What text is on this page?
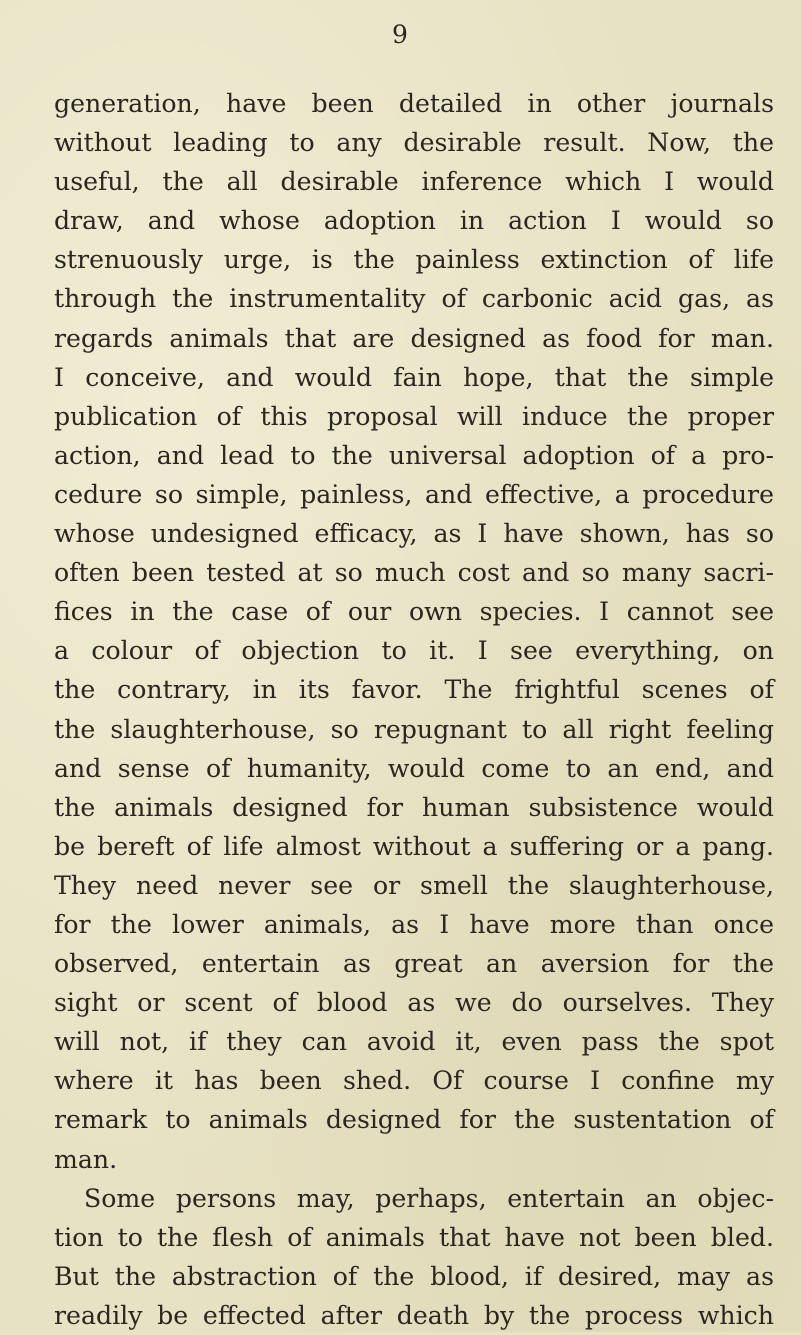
9
generation, have been detailed in other journals
without leading to any desirable result. Now, the
useful, the all desirable inference which I would
draw, and whose adoption in action I would so
strenuously urge, is the painless extinction of life
through the instrumentality of carbonic acid gas, as
regards animals that are designed as food for man.
I conceive, and would fain hope, that the simple
publication of this proposal will induce the proper
action, and lead to the universal adoption of a pro-
cedure so simple, painless, and effective, a procedure
whose undesigned efficacy, as I have shown, has so
often been tested at so much cost and so many sacri-
fices in the case of our own species. I cannot see
a colour of objection to it. I see everything, on
the contrary, in its favor. The frightful scenes of
the slaughterhouse, so repugnant to all right feeling
and sense of humanity, would come to an end, and
the animals designed for human subsistence would
be bereft of life almost without a suffering or a pang.
They need never see or smell the slaughterhouse,
for the lower animals, as I have more than once
observed, entertain as great an aversion for the
sight or scent of blood as we do ourselves. They
will not, if they can avoid it, even pass the spot
where it has been shed. Of course I confine my
remark to animals designed for the sustentation of
man.
Some persons may, perhaps, entertain an objec-
tion to the flesh of animals that have not been bled.
But the abstraction of the blood, if desired, may as
readily be effected after death by the process which
